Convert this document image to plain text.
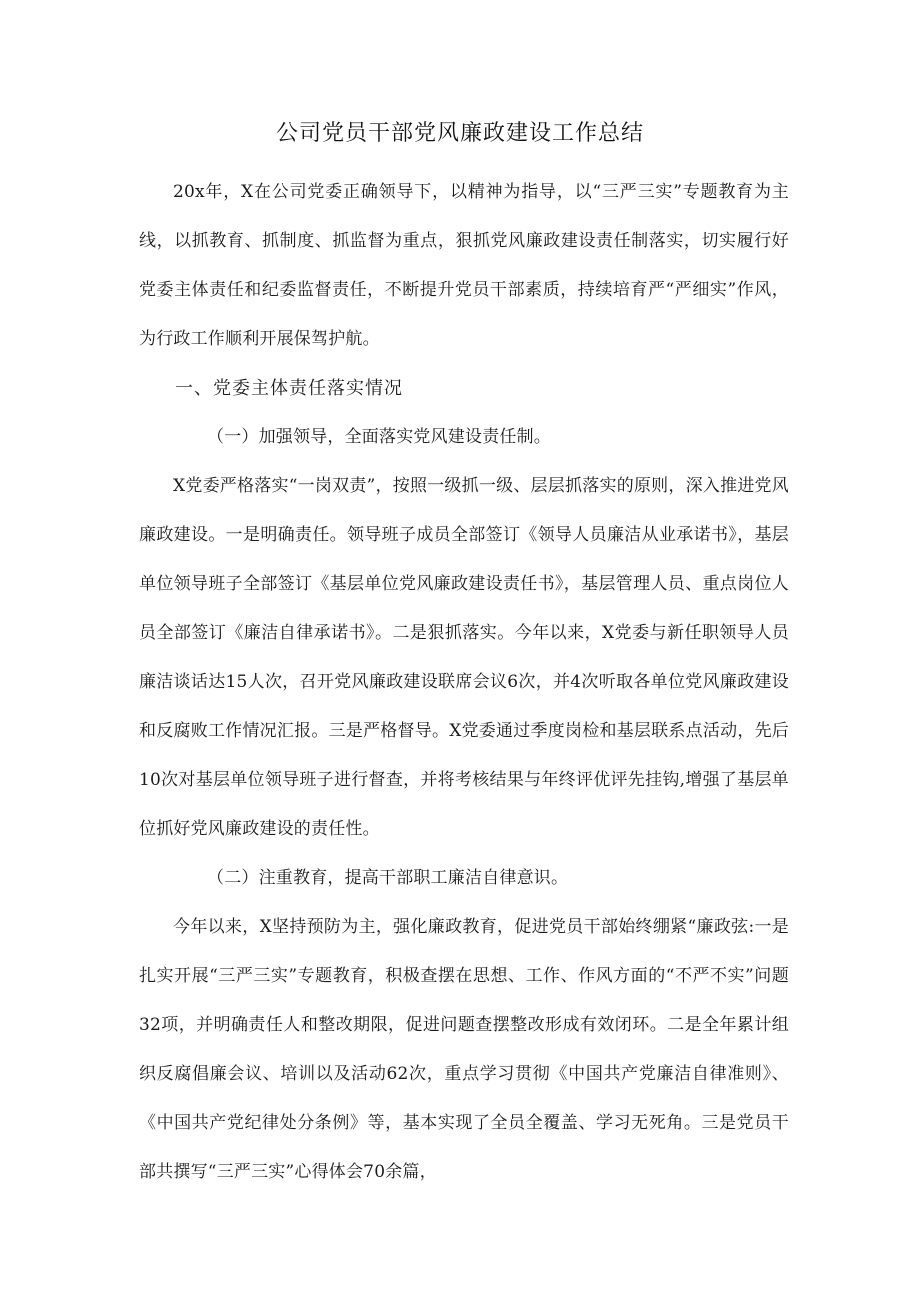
公司党员干部党风廉政建设工作总结

20x年，X在公司党委正确领导下，以精神为指导，以“三严三实”专题教育为主线，以抓教育、抓制度、抓监督为重点，狠抓党风廉政建设责任制落实，切实履行好党委主体责任和纪委监督责任，不断提升党员干部素质，持续培育严“严细实”作风，为行政工作顺利开展保驾护航。

一、党委主体责任落实情况

（一）加强领导，全面落实党风建设责任制。

X党委严格落实“一岗双责”，按照一级抓一级、层层抓落实的原则，深入推进党风廉政建设。一是明确责任。领导班子成员全部签订《领导人员廉洁从业承诺书》，基层单位领导班子全部签订《基层单位党风廉政建设责任书》，基层管理人员、重点岗位人员全部签订《廉洁自律承诺书》。二是狠抓落实。今年以来，X党委与新任职领导人员廉洁谈话达15人次，召开党风廉政建设联席会议6次，并4次听取各单位党风廉政建设和反腐败工作情况汇报。三是严格督导。X党委通过季度岗检和基层联系点活动，先后10次对基层单位领导班子进行督查，并将考核结果与年终评优评先挂钩,增强了基层单位抓好党风廉政建设的责任性。

（二）注重教育，提高干部职工廉洁自律意识。

今年以来，X坚持预防为主，强化廉政教育，促进党员干部始终绷紧“廉政弦:一是扎实开展“三严三实”专题教育，积极查摆在思想、工作、作风方面的“不严不实”问题32项，并明确责任人和整改期限，促进问题查摆整改形成有效闭环。二是全年累计组织反腐倡廉会议、培训以及活动62次，重点学习贯彻《中国共产党廉洁自律准则》、《中国共产党纪律处分条例》等，基本实现了全员全覆盖、学习无死角。三是党员干部共撰写“三严三实”心得体会70余篇，
